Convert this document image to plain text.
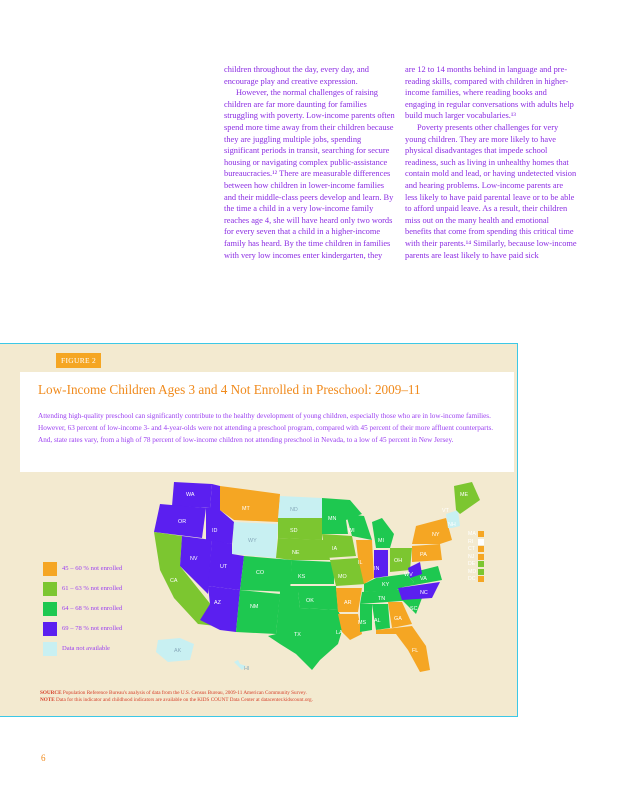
children throughout the day, every day, and encourage play and creative expression.

However, the normal challenges of raising children are far more daunting for families struggling with poverty. Low-income parents often spend more time away from their children because they are juggling multiple jobs, spending significant periods in transit, searching for secure housing or navigating complex public-assistance bureaucracies.¹² There are measurable differences between how children in lower-income families and their middle-class peers develop and learn. By the time a child in a very low-income family reaches age 4, she will have heard only two words for every seven that a child in a higher-income family has heard. By the time children in families with very low incomes enter kindergarten, they

are 12 to 14 months behind in language and pre-reading skills, compared with children in higher-income families, where reading books and engaging in regular conversations with adults help build much larger vocabularies.¹³

Poverty presents other challenges for very young children. They are more likely to have physical disadvantages that impede school readiness, such as living in unhealthy homes that contain mold and lead, or having undetected vision and hearing problems. Low-income parents are less likely to have paid parental leave or to be able to afford unpaid leave. As a result, their children miss out on the many health and emotional benefits that come from spending this critical time with their parents.¹⁴ Similarly, because low-income parents are least likely to have paid sick

FIGURE 2
Low-Income Children Ages 3 and 4 Not Enrolled in Preschool: 2009–11
Attending high-quality preschool can significantly contribute to the healthy development of young children, especially those who are in low-income families. However, 63 percent of low-income 3- and 4-year-olds were not attending a preschool program, compared with 45 percent of their more affluent counterparts. And, state rates vary, from a high of 78 percent of low-income children not attending preschool in Nevada, to a low of 45 percent in New Jersey.
WA
OR
CA
NV
ID
MT
WY
UT
AZ
CO
NM
ND
SD
NE
KS
OK
TX
MN
IA
MO
AR
LA
WI
IL
MI
IN
OH
KY
TN
MS AL GA
FL
SC
NC
VA
WV
PA
NY
VT
NH
ME
AK
HI
MA
RI
CT
NJ
DE
MD
DC
45 – 60 % not enrolled
61 – 63 % not enrolled
64 – 68 % not enrolled
69 – 78 % not enrolled
Data not available
SOURCE Population Reference Bureau's analysis of data from the U.S. Census Bureau, 2009-11 American Community Survey.
NOTE Data for this indicator and childhood indicators are available on the KIDS COUNT Data Center at datacenter.kidscount.org.
6
